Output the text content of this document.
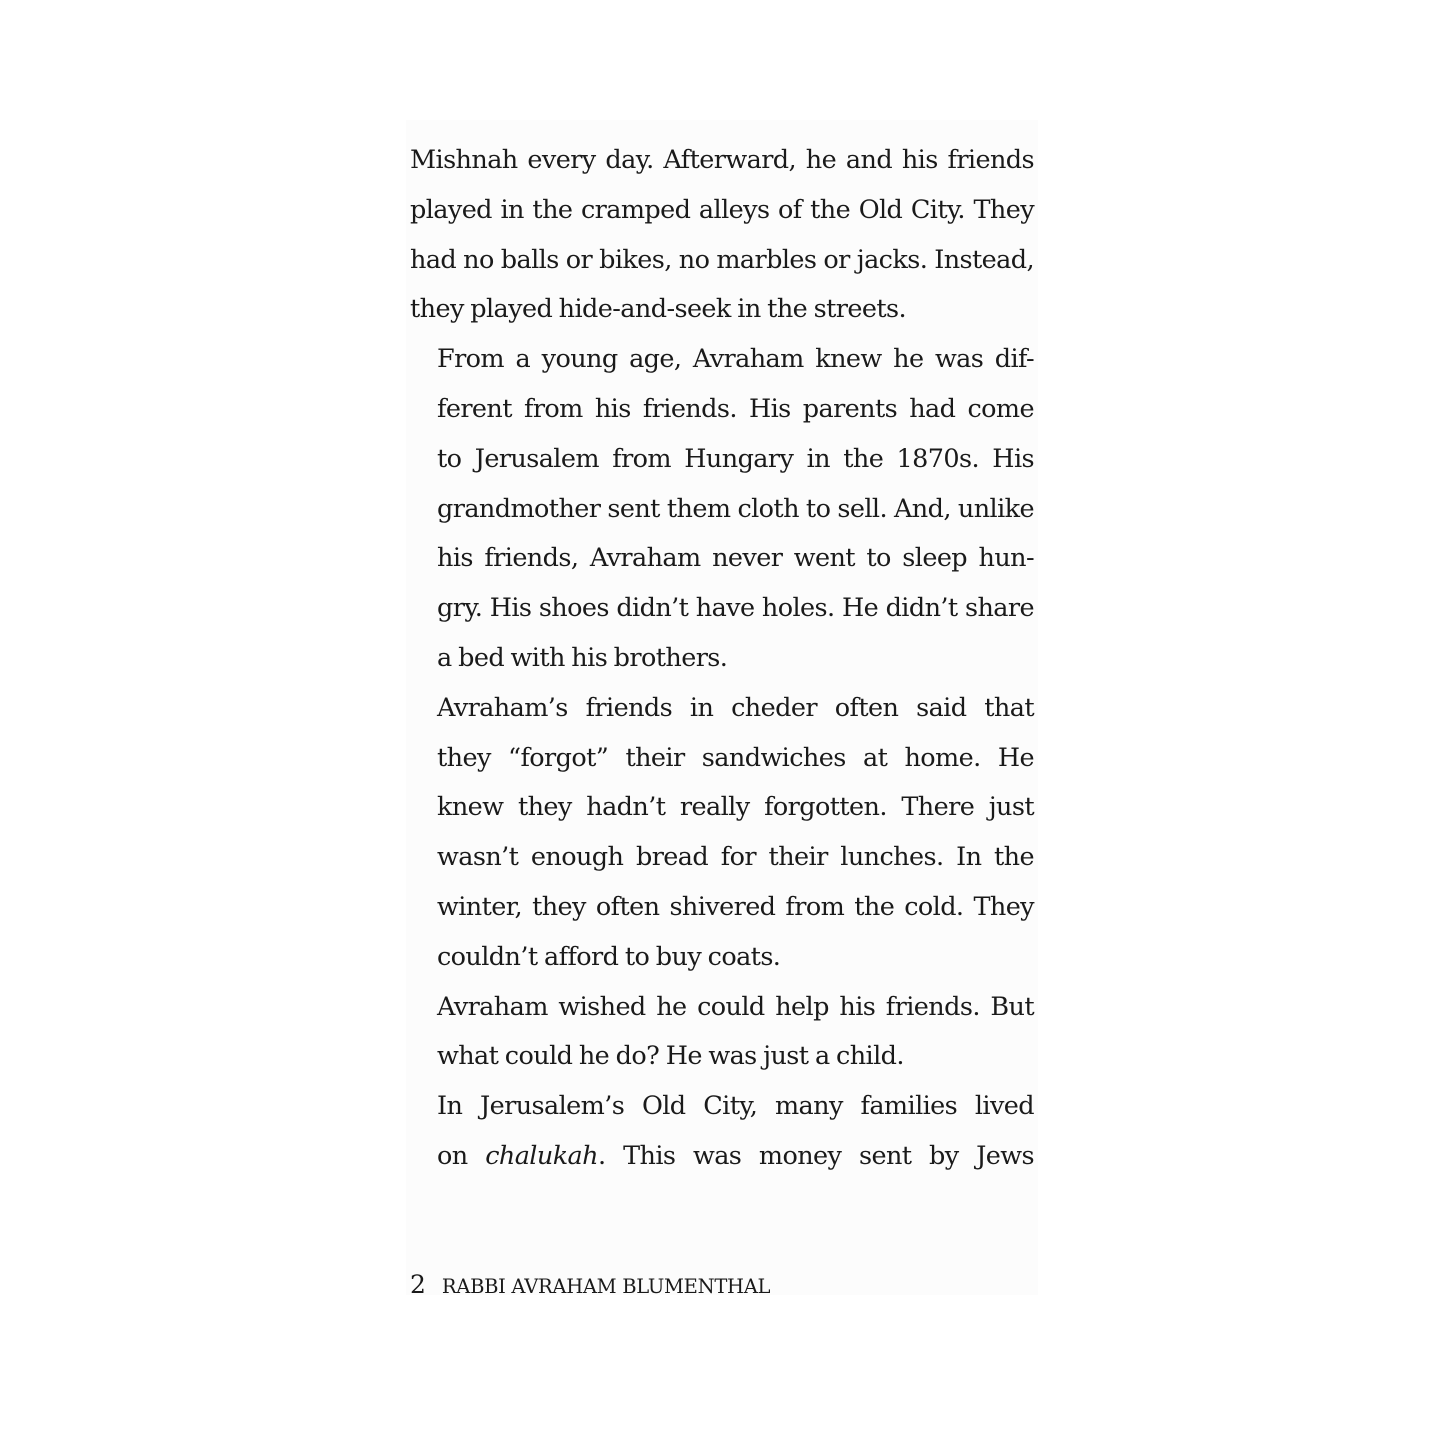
Mishnah every day. Afterward, he and his friends
played in the cramped alleys of the Old City. They
had no balls or bikes, no marbles or jacks. Instead,
they played hide-and-seek in the streets.

From a young age, Avraham knew he was dif-
ferent from his friends. His parents had come
to Jerusalem from Hungary in the 1870s. His
grandmother sent them cloth to sell. And, unlike
his friends, Avraham never went to sleep hun-
gry. His shoes didn’t have holes. He didn’t share
a bed with his brothers.

Avraham’s friends in cheder often said that
they “forgot” their sandwiches at home. He
knew they hadn’t really forgotten. There just
wasn’t enough bread for their lunches. In the
winter, they often shivered from the cold. They
couldn’t afford to buy coats.

Avraham wished he could help his friends. But
what could he do? He was just a child.

In Jerusalem’s Old City, many families lived
on chalukah. This was money sent by Jews

2 RABBI AVRAHAM BLUMENTHAL
